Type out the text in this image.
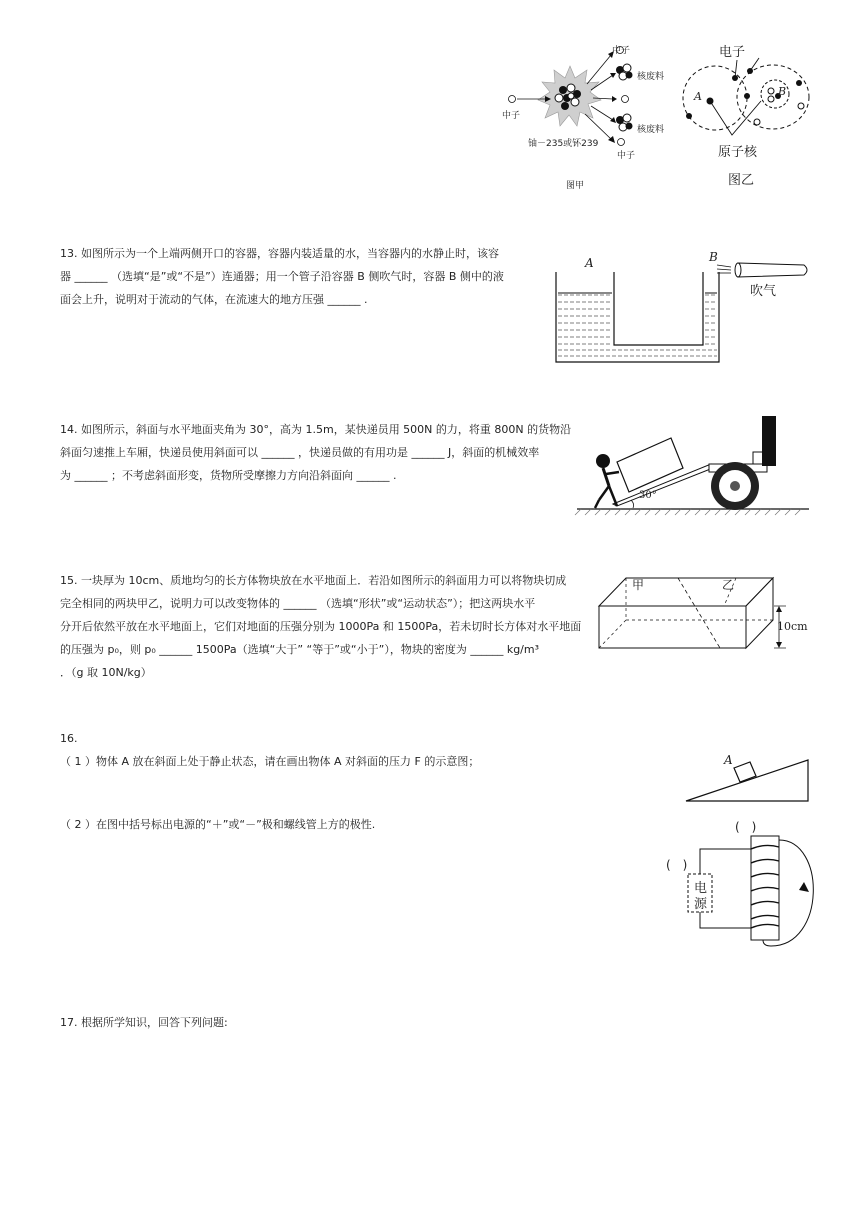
中子
核废料
中子
核废料
铀－235或钚239
中子
图甲
电子
A	B
原子核
图乙
13. 如图所示为一个上端两侧开口的容器，容器内装适量的水，当容器内的水静止时，该容
器 ______ （选填“是”或“不是”）连通器；用一个管子沿容器 B 侧吹气时，容器 B 侧中的液
面会上升，说明对于流动的气体，在流速大的地方压强 ______ .
A	B
吹气
14. 如图所示，斜面与水平地面夹角为 30°，高为 1.5m，某快递员用 500N 的力，将重 800N 的货物沿
斜面匀速推上车厢，快递员使用斜面可以 ______ ，快递员做的有用功是 ______ J，斜面的机械效率
为 ______ ；不考虑斜面形变，货物所受摩擦力方向沿斜面向 ______ .
30°
15. 一块厚为 10cm、质地均匀的长方体物块放在水平地面上．若沿如图所示的斜面用力可以将物块切成
完全相同的两块甲乙，说明力可以改变物体的 ______ （选填“形状”或“运动状态”）；把这两块水平
分开后依然平放在水平地面上，它们对地面的压强分别为 1000Pa 和 1500Pa，若未切时长方体对水平地面
的压强为 p₀，则 p₀ ______ 1500Pa（选填“大于” “等于”或“小于”），物块的密度为 ______ kg/m³
．（g 取 10N/kg）
甲	乙
10cm
16.
（ 1 ）物体 A 放在斜面上处于静止状态，请在画出物体 A 对斜面的压力 F 的示意图；
（ 2 ）在图中括号标出电源的“＋”或“－”极和螺线管上方的极性.
A
(　)
(　)
电
源
17. 根据所学知识，回答下列问题:
